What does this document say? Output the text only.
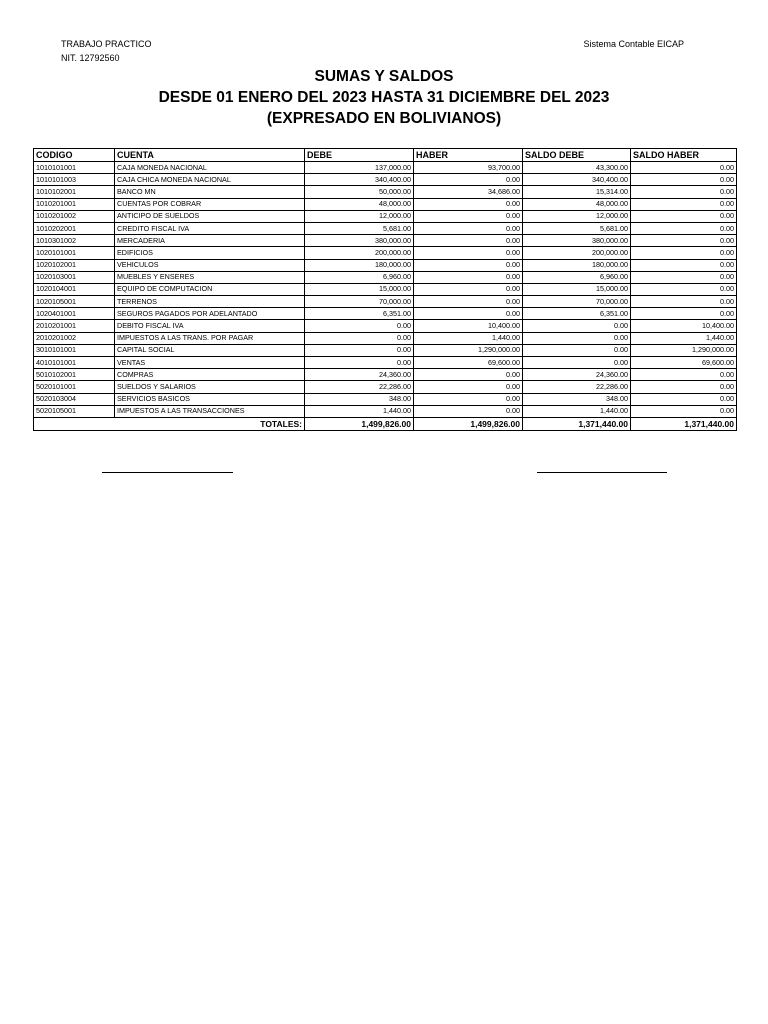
TRABAJO PRACTICO
NIT. 12792560
Sistema Contable EICAP
SUMAS Y SALDOS
DESDE 01 ENERO DEL 2023 HASTA 31 DICIEMBRE DEL 2023
(EXPRESADO EN BOLIVIANOS)
CODIGO	CUENTA	DEBE	HABER	SALDO DEBE	SALDO HABER
1010101001	CAJA MONEDA NACIONAL	137,000.00	93,700.00	43,300.00	0.00
1010101003	CAJA CHICA MONEDA NACIONAL	340,400.00	0.00	340,400.00	0.00
1010102001	BANCO MN	50,000.00	34,686.00	15,314.00	0.00
1010201001	CUENTAS POR COBRAR	48,000.00	0.00	48,000.00	0.00
1010201002	ANTICIPO DE SUELDOS	12,000.00	0.00	12,000.00	0.00
1010202001	CREDITO FISCAL IVA	5,681.00	0.00	5,681.00	0.00
1010301002	MERCADERIA	380,000.00	0.00	380,000.00	0.00
1020101001	EDIFICIOS	200,000.00	0.00	200,000.00	0.00
1020102001	VEHICULOS	180,000.00	0.00	180,000.00	0.00
1020103001	MUEBLES Y ENSERES	6,960.00	0.00	6,960.00	0.00
1020104001	EQUIPO DE COMPUTACION	15,000.00	0.00	15,000.00	0.00
1020105001	TERRENOS	70,000.00	0.00	70,000.00	0.00
1020401001	SEGUROS PAGADOS POR ADELANTADO	6,351.00	0.00	6,351.00	0.00
2010201001	DEBITO FISCAL IVA	0.00	10,400.00	0.00	10,400.00
2010201002	IMPUESTOS A LAS TRANS. POR PAGAR	0.00	1,440.00	0.00	1,440.00
3010101001	CAPITAL SOCIAL	0.00	1,290,000.00	0.00	1,290,000.00
4010101001	VENTAS	0.00	69,600.00	0.00	69,600.00
5010102001	COMPRAS	24,360.00	0.00	24,360.00	0.00
5020101001	SUELDOS Y SALARIOS	22,286.00	0.00	22,286.00	0.00
5020103004	SERVICIOS BASICOS	348.00	0.00	348.00	0.00
5020105001	IMPUESTOS A LAS TRANSACCIONES	1,440.00	0.00	1,440.00	0.00
TOTALES:		1,499,826.00	1,499,826.00	1,371,440.00	1,371,440.00
